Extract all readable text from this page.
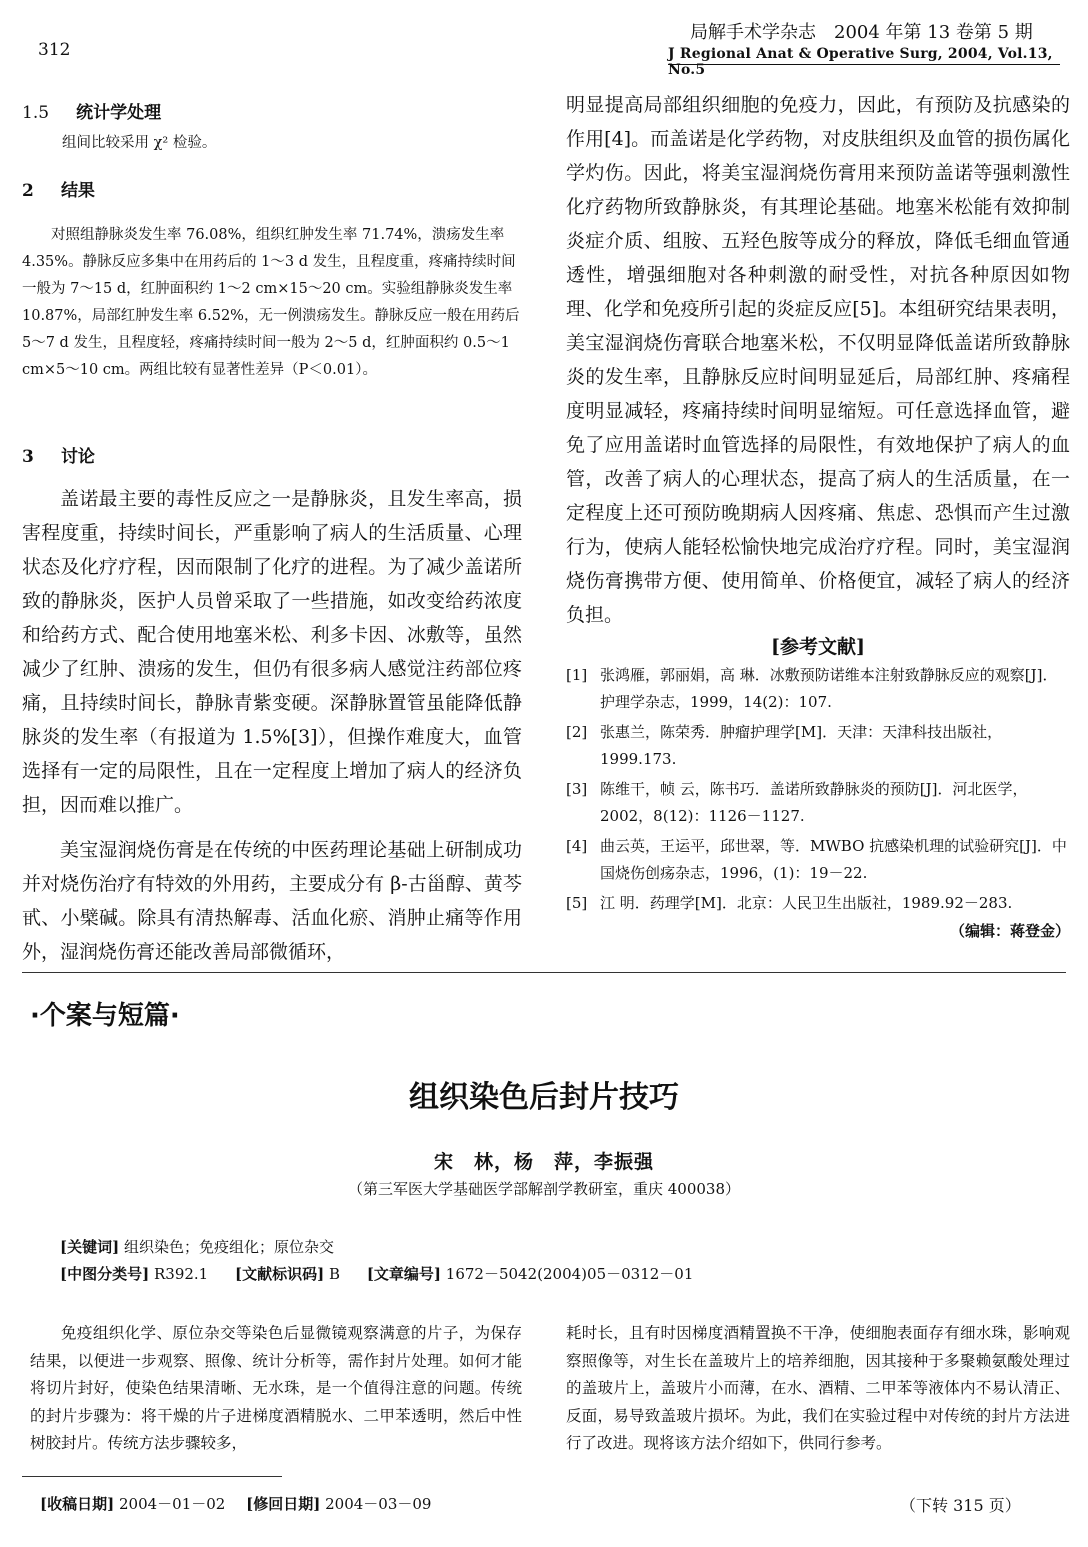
312
局解手术学杂志　2004 年第 13 卷第 5 期
J Regional Anat & Operative Surg, 2004, Vol.13, No.5
1.5 统计学处理

组间比较采用 χ² 检验。

2 结果

对照组静脉炎发生率 76.08%，组织红肿发生率 71.74%，溃疡发生率 4.35%。静脉反应多集中在用药后的 1～3 d 发生，且程度重，疼痛持续时间一般为 7～15 d，红肿面积约 1～2 cm×15～20 cm。实验组静脉炎发生率 10.87%，局部红肿发生率 6.52%，无一例溃疡发生。静脉反应一般在用药后 5～7 d 发生，且程度轻，疼痛持续时间一般为 2～5 d，红肿面积约 0.5～1 cm×5～10 cm。两组比较有显著性差异（P＜0.01）。

3 讨论

盖诺最主要的毒性反应之一是静脉炎，且发生率高，损害程度重，持续时间长，严重影响了病人的生活质量、心理状态及化疗疗程，因而限制了化疗的进程。为了减少盖诺所致的静脉炎，医护人员曾采取了一些措施，如改变给药浓度和给药方式、配合使用地塞米松、利多卡因、冰敷等，虽然减少了红肿、溃疡的发生，但仍有很多病人感觉注药部位疼痛，且持续时间长，静脉青紫变硬。深静脉置管虽能降低静脉炎的发生率（有报道为 1.5%[3]），但操作难度大，血管选择有一定的局限性，且在一定程度上增加了病人的经济负担，因而难以推广。

美宝湿润烧伤膏是在传统的中医药理论基础上研制成功并对烧伤治疗有特效的外用药，主要成分有 β-古甾醇、黄芩甙、小檗碱。除具有清热解毒、活血化瘀、消肿止痛等作用外，湿润烧伤膏还能改善局部微循环，

明显提高局部组织细胞的免疫力，因此，有预防及抗感染的作用[4]。而盖诺是化学药物，对皮肤组织及血管的损伤属化学灼伤。因此，将美宝湿润烧伤膏用来预防盖诺等强刺激性化疗药物所致静脉炎，有其理论基础。地塞米松能有效抑制炎症介质、组胺、五羟色胺等成分的释放，降低毛细血管通透性，增强细胞对各种刺激的耐受性，对抗各种原因如物理、化学和免疫所引起的炎症反应[5]。本组研究结果表明，美宝湿润烧伤膏联合地塞米松，不仅明显降低盖诺所致静脉炎的发生率，且静脉反应时间明显延后，局部红肿、疼痛程度明显减轻，疼痛持续时间明显缩短。可任意选择血管，避免了应用盖诺时血管选择的局限性，有效地保护了病人的血管，改善了病人的心理状态，提高了病人的生活质量，在一定程度上还可预防晚期病人因疼痛、焦虑、恐惧而产生过激行为，使病人能轻松愉快地完成治疗疗程。同时，美宝湿润烧伤膏携带方便、使用简单、价格便宜，减轻了病人的经济负担。

[参考文献]
[1] 张鸿雁，郭丽娟，高 琳．冰敷预防诺维本注射致静脉反应的观察[J]．护理学杂志，1999，14(2)：107.
[2] 张惠兰，陈荣秀．肿瘤护理学[M]．天津：天津科技出版社，1999.173.
[3] 陈维干，帧 云，陈书巧．盖诺所致静脉炎的预防[J]．河北医学，2002，8(12)：1126－1127.
[4] 曲云英，王运平，邱世翠，等．MWBO 抗感染机理的试验研究[J]．中国烧伤创疡杂志，1996，(1)：19－22.
[5] 江 明．药理学[M]．北京：人民卫生出版社，1989.92－283.
（编辑：蒋登金）
·个案与短篇·
组织染色后封片技巧
宋　林，杨　萍，李振强
（第三军医大学基础医学部解剖学教研室，重庆 400038）
[关键词] 组织染色；免疫组化；原位杂交
[中图分类号] R392.1 [文献标识码] B [文章编号] 1672－5042(2004)05－0312－01

免疫组织化学、原位杂交等染色后显微镜观察满意的片子，为保存结果，以便进一步观察、照像、统计分析等，需作封片处理。如何才能将切片封好，使染色结果清晰、无水珠，是一个值得注意的问题。传统的封片步骤为：将干燥的片子进梯度酒精脱水、二甲苯透明，然后中性树胶封片。传统方法步骤较多，

耗时长，且有时因梯度酒精置换不干净，使细胞表面存有细水珠，影响观察照像等，对生长在盖玻片上的培养细胞，因其接种于多聚赖氨酸处理过的盖玻片上，盖玻片小而薄，在水、酒精、二甲苯等液体内不易认清正、反面，易导致盖玻片损坏。为此，我们在实验过程中对传统的封片方法进行了改进。现将该方法介绍如下，供同行参考。

[收稿日期] 2004－01－02 [修回日期] 2004－03－09	（下转 315 页）
